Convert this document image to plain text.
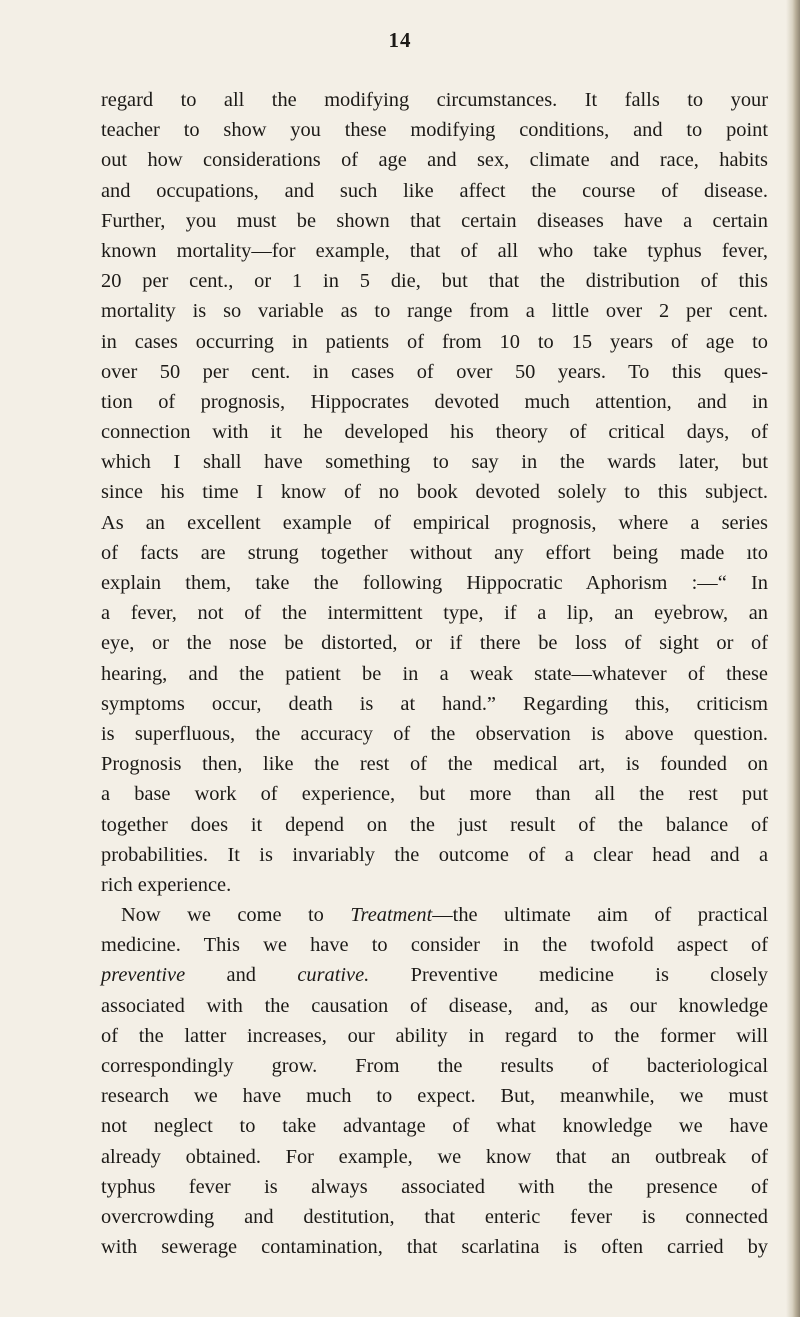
14
regard to all the modifying circumstances. It falls to your
teacher to show you these modifying conditions, and to point
out how considerations of age and sex, climate and race, habits
and occupations, and such like affect the course of disease.
Further, you must be shown that certain diseases have a certain
known mortality—for example, that of all who take typhus fever,
20 per cent., or 1 in 5 die, but that the distribution of this
mortality is so variable as to range from a little over 2 per cent.
in cases occurring in patients of from 10 to 15 years of age to
over 50 per cent. in cases of over 50 years. To this ques-
tion of prognosis, Hippocrates devoted much attention, and in
connection with it he developed his theory of critical days, of
which I shall have something to say in the wards later, but
since his time I know of no book devoted solely to this subject.
As an excellent example of empirical prognosis, where a series
of facts are strung together without any effort being made ıto
explain them, take the following Hippocratic Aphorism :—“ In
a fever, not of the intermittent type, if a lip, an eyebrow, an
eye, or the nose be distorted, or if there be loss of sight or of
hearing, and the patient be in a weak state—whatever of these
symptoms occur, death is at hand.” Regarding this, criticism
is superfluous, the accuracy of the observation is above question.
Prognosis then, like the rest of the medical art, is founded on
a base work of experience, but more than all the rest put
together does it depend on the just result of the balance of
probabilities. It is invariably the outcome of a clear head and a
rich experience.
Now we come to Treatment—the ultimate aim of practical
medicine. This we have to consider in the twofold aspect of
preventive and curative. Preventive medicine is closely
associated with the causation of disease, and, as our knowledge
of the latter increases, our ability in regard to the former will
correspondingly grow. From the results of bacteriological
research we have much to expect. But, meanwhile, we must
not neglect to take advantage of what knowledge we have
already obtained. For example, we know that an outbreak of
typhus fever is always associated with the presence of
overcrowding and destitution, that enteric fever is connected
with sewerage contamination, that scarlatina is often carried by
